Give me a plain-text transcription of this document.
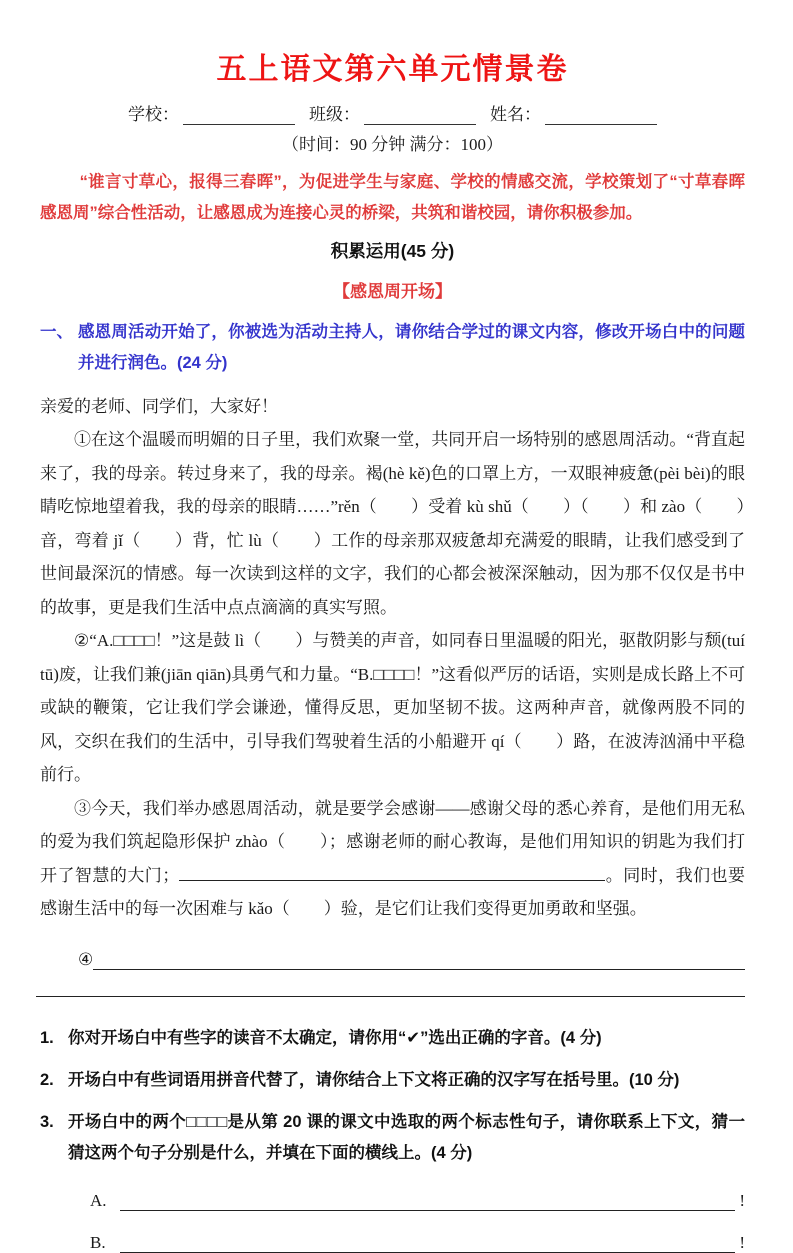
五上语文第六单元情景卷
学校：	班级：	姓名：
（时间：90 分钟 满分：100）
“谁言寸草心，报得三春晖”，为促进学生与家庭、学校的情感交流，学校策划了“寸草春晖感恩周”综合性活动，让感恩成为连接心灵的桥梁，共筑和谐校园，请你积极参加。
积累运用(45 分)
【感恩周开场】
一、 感恩周活动开始了，你被选为活动主持人，请你结合学过的课文内容，修改开场白中的问题并进行润色。(24 分)
亲爱的老师、同学们，大家好！

①在这个温暖而明媚的日子里，我们欢聚一堂，共同开启一场特别的感恩周活动。“背直起来了，我的母亲。转过身来了，我的母亲。褐(hè kě)色的口罩上方，一双眼神疲惫(pèi bèi)的眼睛吃惊地望着我，我的母亲的眼睛……”rěn（　　）受着 kù shǔ（　　）（　　）和 zào（　　）音，弯着 jǐ（　　）背，忙 lù（　　）工作的母亲那双疲惫却充满爱的眼睛，让我们感受到了世间最深沉的情感。每一次读到这样的文字，我们的心都会被深深触动，因为那不仅仅是书中的故事，更是我们生活中点点滴滴的真实写照。

②“A.□□□□！”这是鼓 lì（　　）与赞美的声音，如同春日里温暖的阳光，驱散阴影与颓(tuí tū)废，让我们兼(jiān qiān)具勇气和力量。“B.□□□□！”这看似严厉的话语，实则是成长路上不可或缺的鞭策，它让我们学会谦逊，懂得反思，更加坚韧不拔。这两种声音，就像两股不同的风，交织在我们的生活中，引导我们驾驶着生活的小船避开 qí（　　）路，在波涛汹涌中平稳前行。

③今天，我们举办感恩周活动，就是要学会感谢——感谢父母的悉心养育，是他们用无私的爱为我们筑起隐形保护 zhào（　　）；感谢老师的耐心教诲，是他们用知识的钥匙为我们打开了智慧的大门；	。同时，我们也要感谢生活中的每一次困难与 kǎo（　　）验，是它们让我们变得更加勇敢和坚强。

④
1. 你对开场白中有些字的读音不太确定，请你用“✔”选出正确的字音。(4 分)
2. 开场白中有些词语用拼音代替了，请你结合上下文将正确的汉字写在括号里。(10 分)
3. 开场白中的两个□□□□是从第 20 课的课文中选取的两个标志性句子，请你联系上下文，猜一猜这两个句子分别是什么，并填在下面的横线上。(4 分)
A.	!
B.	!
